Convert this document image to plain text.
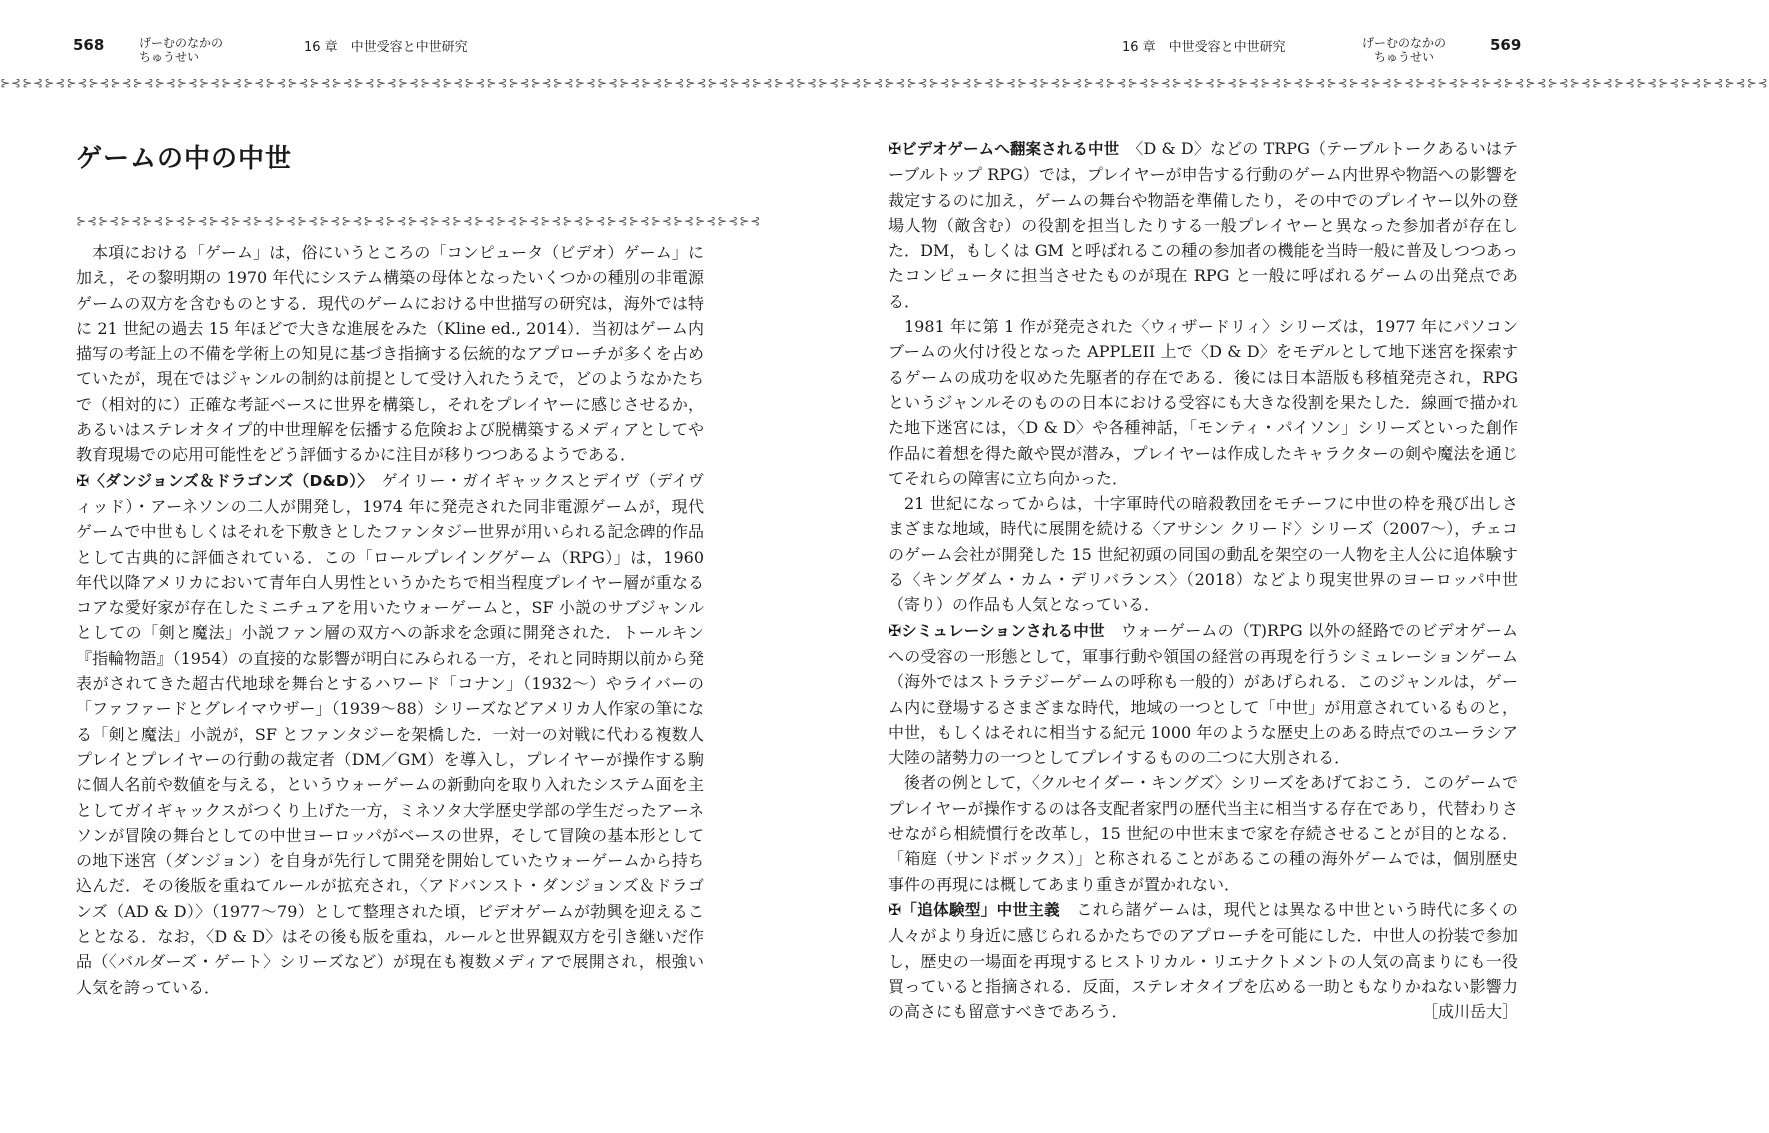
568	げーむのなかの
ちゅうせい
16 章　中世受容と中世研究	16 章　中世受容と中世研究	げーむのなかの
ちゅうせい
569
⊱⊰⊱⊰⊱⊰⊱⊰⊱⊰⊱⊰⊱⊰⊱⊰⊱⊰⊱⊰⊱⊰⊱⊰⊱⊰⊱⊰⊱⊰⊱⊰⊱⊰⊱⊰⊱⊰⊱⊰⊱⊰⊱⊰⊱⊰⊱⊰⊱⊰⊱⊰⊱⊰⊱⊰⊱⊰⊱⊰⊱⊰⊱⊰⊱⊰⊱⊰⊱⊰⊱⊰⊱⊰⊱⊰⊱⊰⊱⊰⊱⊰⊱⊰⊱⊰⊱⊰⊱⊰⊱⊰⊱⊰⊱⊰⊱⊰⊱⊰⊱⊰⊱⊰⊱⊰⊱⊰⊱⊰⊱⊰⊱⊰⊱⊰⊱⊰⊱⊰⊱⊰⊱⊰⊱⊰⊱⊰⊱⊰⊱⊰⊱⊰⊱⊰⊱⊰⊱⊰⊱⊰⊱⊰⊱⊰⊱⊰⊱⊰⊱⊰⊱⊰⊱⊰⊱⊰⊱⊰
ゲームの中の中世
⊱⊰⊱⊰⊱⊰⊱⊰⊱⊰⊱⊰⊱⊰⊱⊰⊱⊰⊱⊰⊱⊰⊱⊰⊱⊰⊱⊰⊱⊰⊱⊰⊱⊰⊱⊰⊱⊰⊱⊰⊱⊰⊱⊰⊱⊰⊱⊰⊱⊰⊱⊰⊱⊰⊱⊰⊱⊰⊱⊰⊱⊰

本項における「ゲーム」は，俗にいうところの「コンピュータ（ビデオ）ゲーム」に加え，その黎明期の 1970 年代にシステム構築の母体となったいくつかの種別の非電源ゲームの双方を含むものとする．現代のゲームにおける中世描写の研究は，海外では特に 21 世紀の過去 15 年ほどで大きな進展をみた（Kline ed., 2014）．当初はゲーム内描写の考証上の不備を学術上の知見に基づき指摘する伝統的なアプローチが多くを占めていたが，現在ではジャンルの制約は前提として受け入れたうえで，どのようなかたちで（相対的に）正確な考証ベースに世界を構築し，それをプレイヤーに感じさせるか，あるいはステレオタイプ的中世理解を伝播する危険および脱構築するメディアとしてや教育現場での応用可能性をどう評価するかに注目が移りつつあるようである．

✠〈ダンジョンズ＆ドラゴンズ（D&D）〉　ゲイリー・ガイギャックスとデイヴ（デイヴィッド）・アーネソンの二人が開発し，1974 年に発売された同非電源ゲームが，現代ゲームで中世もしくはそれを下敷きとしたファンタジー世界が用いられる記念碑的作品として古典的に評価されている．この「ロールプレイングゲーム（RPG）」は，1960 年代以降アメリカにおいて青年白人男性というかたちで相当程度プレイヤー層が重なるコアな愛好家が存在したミニチュアを用いたウォーゲームと，SF 小説のサブジャンルとしての「剣と魔法」小説ファン層の双方への訴求を念頭に開発された．トールキン『指輪物語』（1954）の直接的な影響が明白にみられる一方，それと同時期以前から発表がされてきた超古代地球を舞台とするハワード「コナン」（1932〜）やライバーの「ファファードとグレイマウザー」（1939〜88）シリーズなどアメリカ人作家の筆になる「剣と魔法」小説が，SF とファンタジーを架橋した．一対一の対戦に代わる複数人プレイとプレイヤーの行動の裁定者（DM／GM）を導入し，プレイヤーが操作する駒に個人名前や数値を与える，というウォーゲームの新動向を取り入れたシステム面を主としてガイギャックスがつくり上げた一方，ミネソタ大学歴史学部の学生だったアーネソンが冒険の舞台としての中世ヨーロッパがベースの世界，そして冒険の基本形としての地下迷宮（ダンジョン）を自身が先行して開発を開始していたウォーゲームから持ち込んだ．その後版を重ねてルールが拡充され，〈アドバンスト・ダンジョンズ＆ドラゴンズ（AD & D）〉（1977〜79）として整理された頃，ビデオゲームが勃興を迎えることとなる．なお，〈D & D〉はその後も版を重ね，ルールと世界観双方を引き継いだ作品（〈バルダーズ・ゲート〉シリーズなど）が現在も複数メディアで展開され，根強い人気を誇っている．

✠ビデオゲームへ翻案される中世　〈D & D〉などの TRPG（テーブルトークあるいはテーブルトップ RPG）では，プレイヤーが申告する行動のゲーム内世界や物語への影響を裁定するのに加え，ゲームの舞台や物語を準備したり，その中でのプレイヤー以外の登場人物（敵含む）の役割を担当したりする一般プレイヤーと異なった参加者が存在した．DM，もしくは GM と呼ばれるこの種の参加者の機能を当時一般に普及しつつあったコンピュータに担当させたものが現在 RPG と一般に呼ばれるゲームの出発点である．

1981 年に第 1 作が発売された〈ウィザードリィ〉シリーズは，1977 年にパソコンブームの火付け役となった APPLEII 上で〈D & D〉をモデルとして地下迷宮を探索するゲームの成功を収めた先駆者的存在である．後には日本語版も移植発売され，RPG というジャンルそのものの日本における受容にも大きな役割を果たした．線画で描かれた地下迷宮には，〈D & D〉や各種神話，「モンティ・パイソン」シリーズといった創作作品に着想を得た敵や罠が潜み，プレイヤーは作成したキャラクターの剣や魔法を通じてそれらの障害に立ち向かった．

21 世紀になってからは，十字軍時代の暗殺教団をモチーフに中世の枠を飛び出しさまざまな地域，時代に展開を続ける〈アサシン クリード〉シリーズ（2007〜），チェコのゲーム会社が開発した 15 世紀初頭の同国の動乱を架空の一人物を主人公に追体験する〈キングダム・カム・デリバランス〉（2018）などより現実世界のヨーロッパ中世（寄り）の作品も人気となっている．

✠シミュレーションされる中世　ウォーゲームの（T)RPG 以外の経路でのビデオゲームへの受容の一形態として，軍事行動や領国の経営の再現を行うシミュレーションゲーム（海外ではストラテジーゲームの呼称も一般的）があげられる．このジャンルは，ゲーム内に登場するさまざまな時代，地域の一つとして「中世」が用意されているものと，中世，もしくはそれに相当する紀元 1000 年のような歴史上のある時点でのユーラシア大陸の諸勢力の一つとしてプレイするものの二つに大別される．

後者の例として，〈クルセイダー・キングズ〉シリーズをあげておこう．このゲームでプレイヤーが操作するのは各支配者家門の歴代当主に相当する存在であり，代替わりさせながら相続慣行を改革し，15 世紀の中世末まで家を存続させることが目的となる．「箱庭（サンドボックス）」と称されることがあるこの種の海外ゲームでは，個別歴史事件の再現には概してあまり重きが置かれない．

✠「追体験型」中世主義　これら諸ゲームは，現代とは異なる中世という時代に多くの人々がより身近に感じられるかたちでのアプローチを可能にした．中世人の扮装で参加し，歴史の一場面を再現するヒストリカル・リエナクトメントの人気の高まりにも一役買っていると指摘される．反面，ステレオタイプを広める一助ともなりかねない影響力の高さにも留意すべきであろう．	［成川岳大］
